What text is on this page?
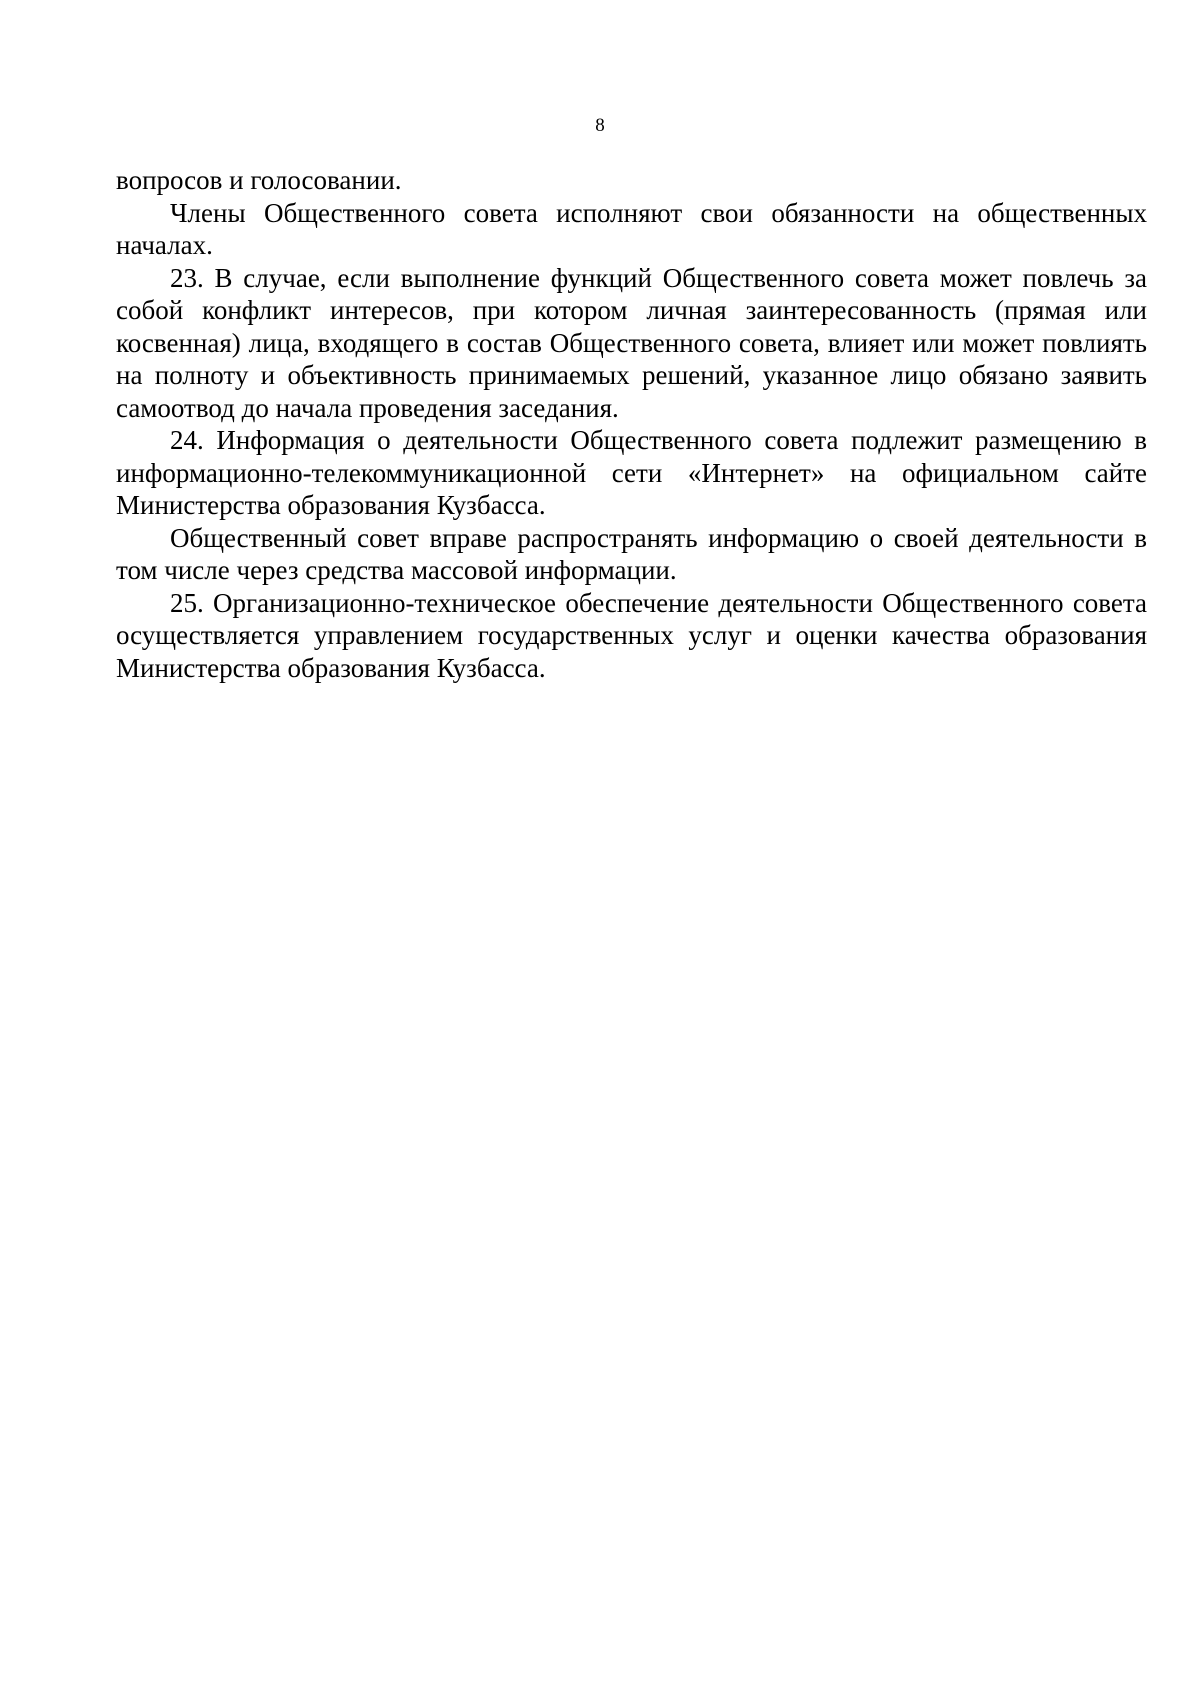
8

вопросов и голосовании.

Члены Общественного совета исполняют свои обязанности на общественных началах.

23. В случае, если выполнение функций Общественного совета может повлечь за собой конфликт интересов, при котором личная заинтересованность (прямая или косвенная) лица, входящего в состав Общественного совета, влияет или может повлиять на полноту и объективность принимаемых решений, указанное лицо обязано заявить самоотвод до начала проведения заседания.

24. Информация о деятельности Общественного совета подлежит размещению в информационно-телекоммуникационной сети «Интернет» на официальном сайте Министерства образования Кузбасса.

Общественный совет вправе распространять информацию о своей деятельности в том числе через средства массовой информации.

25. Организационно-техническое обеспечение деятельности Общественного совета осуществляется управлением государственных услуг и оценки качества образования Министерства образования Кузбасса.
